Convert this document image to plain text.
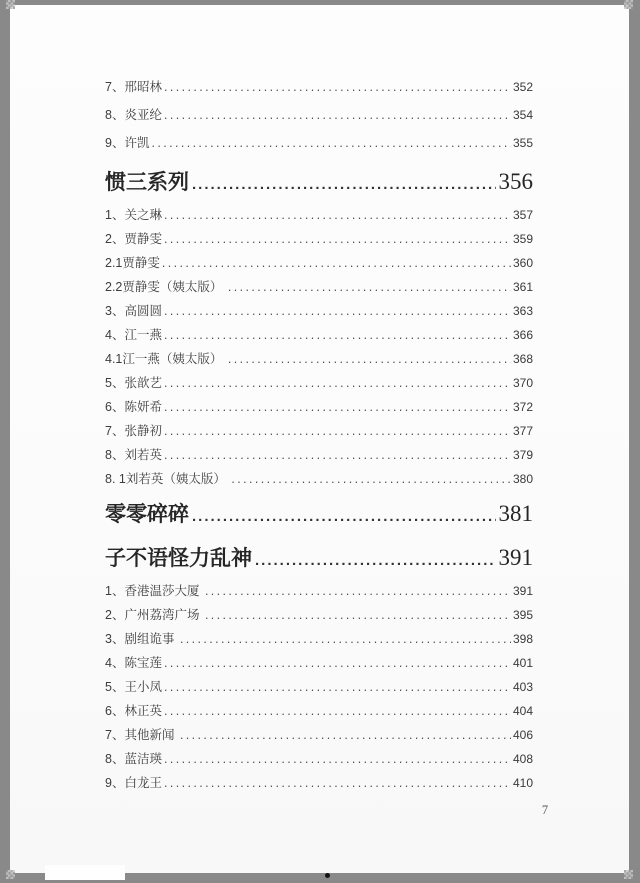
7、邢昭林 .....	352
8、炎亚纶 .....	354
9、许凯 .....	355
惯三系列 .....	356
1、关之琳 .....	357
2、贾静雯 .....	359
2.1贾静雯 .....	360
2.2贾静雯（姨太版） .....	361
3、高圆圆 .....	363
4、江一燕 .....	366
4.1江一燕（姨太版） .....	368
5、张歆艺 .....	370
6、陈妍希 .....	372
7、张静初 .....	377
8、刘若英 .....	379
8. 1刘若英（姨太版） .....	380
零零碎碎 .....	381
子不语怪力乱神 .....	391
1、香港温莎大厦 .....	391
2、广州荔湾广场 .....	395
3、剧组诡事 .....	398
4、陈宝莲 .....	401
5、王小凤 .....	403
6、林正英 .....	404
7、其他新闻 .....	406
8、蓝洁瑛 .....	408
9、白龙王 .....	410
7
